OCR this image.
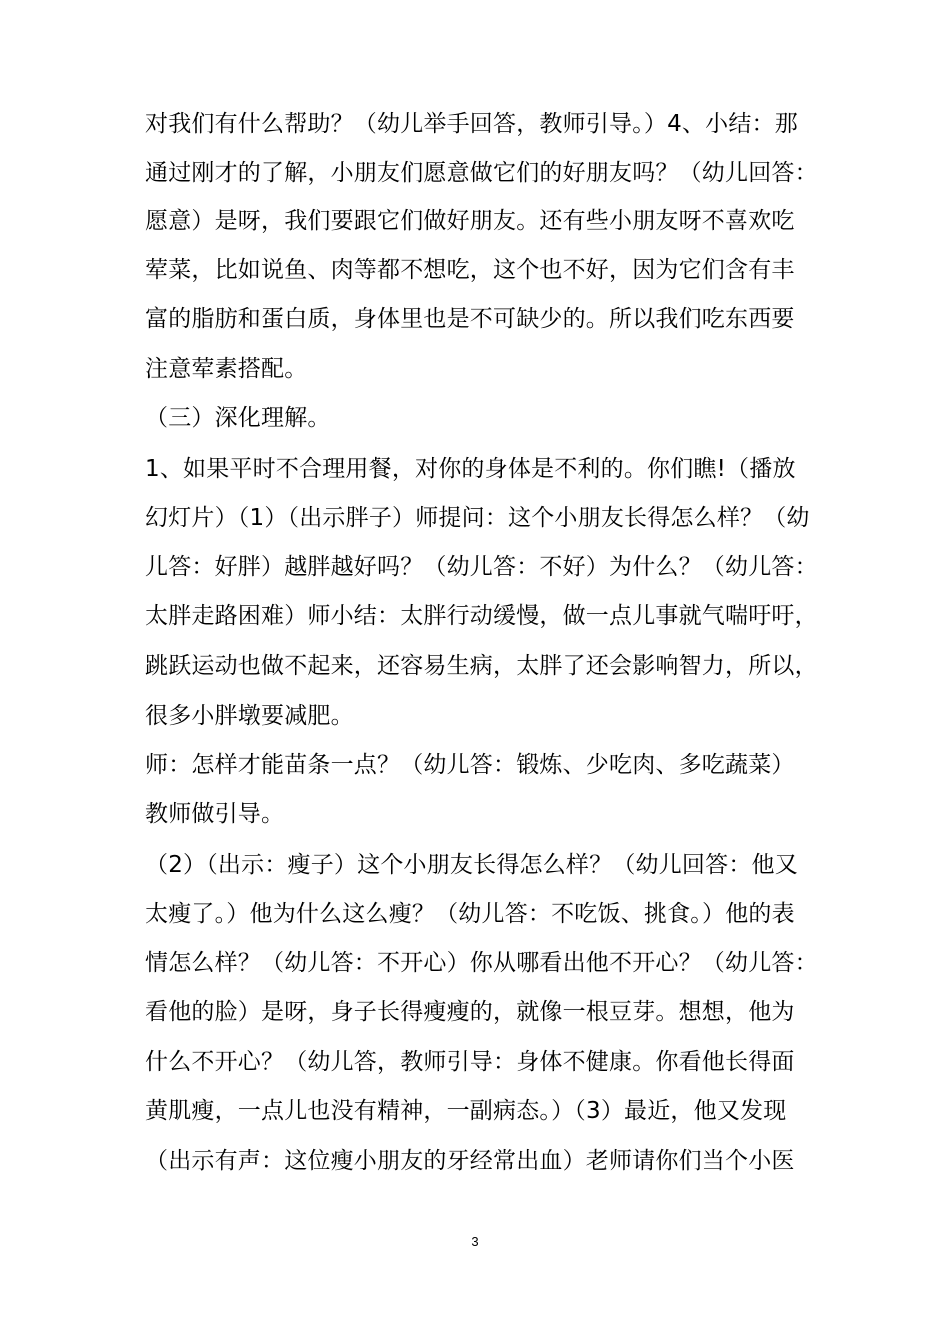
对我们有什么帮助？（幼儿举手回答，教师引导。）4、小结：那
通过刚才的了解，小朋友们愿意做它们的好朋友吗？（幼儿回答：
愿意）是呀，我们要跟它们做好朋友。还有些小朋友呀不喜欢吃
荤菜，比如说鱼、肉等都不想吃，这个也不好，因为它们含有丰
富的脂肪和蛋白质，身体里也是不可缺少的。所以我们吃东西要
注意荤素搭配。
（三）深化理解。
1、如果平时不合理用餐，对你的身体是不利的。你们瞧!（播放
幻灯片）（1）（出示胖子）师提问：这个小朋友长得怎么样？（幼
儿答：好胖）越胖越好吗？（幼儿答：不好）为什么？（幼儿答：
太胖走路困难）师小结：太胖行动缓慢，做一点儿事就气喘吁吁，
跳跃运动也做不起来，还容易生病，太胖了还会影响智力，所以，
很多小胖墩要减肥。
师：怎样才能苗条一点？（幼儿答：锻炼、少吃肉、多吃蔬菜）
教师做引导。
（2）（出示：瘦子）这个小朋友长得怎么样？（幼儿回答：他又
太瘦了。）他为什么这么瘦？（幼儿答：不吃饭、挑食。）他的表
情怎么样？（幼儿答：不开心）你从哪看出他不开心？（幼儿答：
看他的脸）是呀，身子长得瘦瘦的，就像一根豆芽。想想，他为
什么不开心？（幼儿答，教师引导：身体不健康。你看他长得面
黄肌瘦，一点儿也没有精神，一副病态。）（3）最近，他又发现
（出示有声：这位瘦小朋友的牙经常出血）老师请你们当个小医
3
